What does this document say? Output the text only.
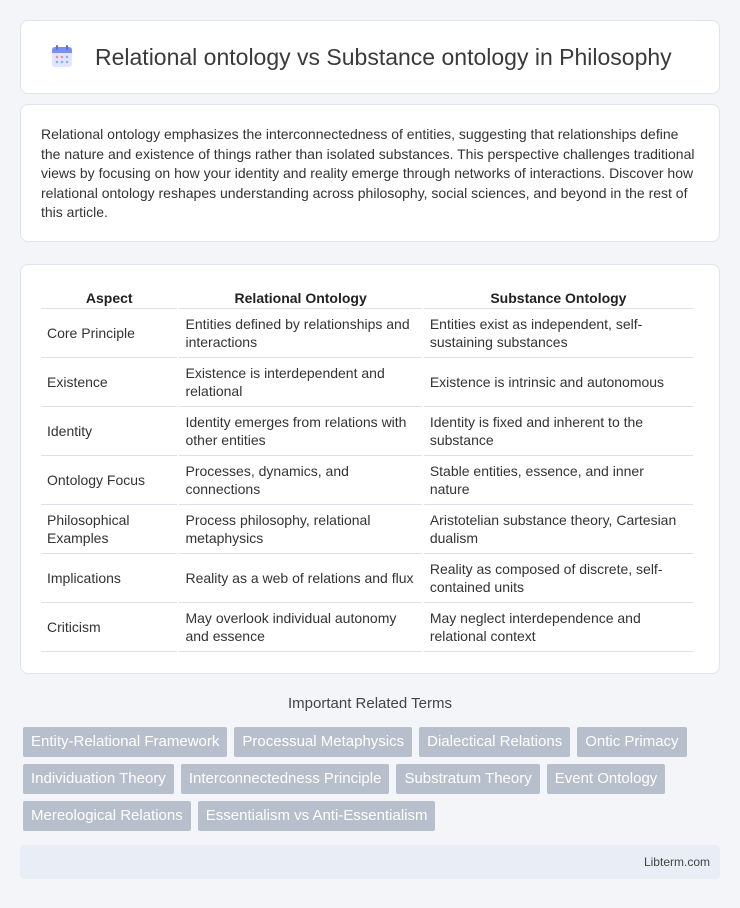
Relational ontology vs Substance ontology in Philosophy

Relational ontology emphasizes the interconnectedness of entities, suggesting that relationships define the nature and existence of things rather than isolated substances. This perspective challenges traditional views by focusing on how your identity and reality emerge through networks of interactions. Discover how relational ontology reshapes understanding across philosophy, social sciences, and beyond in the rest of this article.

Aspect	Relational Ontology	Substance Ontology
Core Principle	Entities defined by relationships and interactions	Entities exist as independent, self-sustaining substances
Existence	Existence is interdependent and relational	Existence is intrinsic and autonomous
Identity	Identity emerges from relations with other entities	Identity is fixed and inherent to the substance
Ontology Focus	Processes, dynamics, and connections	Stable entities, essence, and inner nature
Philosophical Examples	Process philosophy, relational metaphysics	Aristotelian substance theory, Cartesian dualism
Implications	Reality as a web of relations and flux	Reality as composed of discrete, self-contained units
Criticism	May overlook individual autonomy and essence	May neglect interdependence and relational context
Important Related Terms
Entity-Relational Framework	Processual Metaphysics	Dialectical Relations	Ontic Primacy
Individuation Theory	Interconnectedness Principle	Substratum Theory	Event Ontology
Mereological Relations	Essentialism vs Anti-Essentialism
Libterm.com
